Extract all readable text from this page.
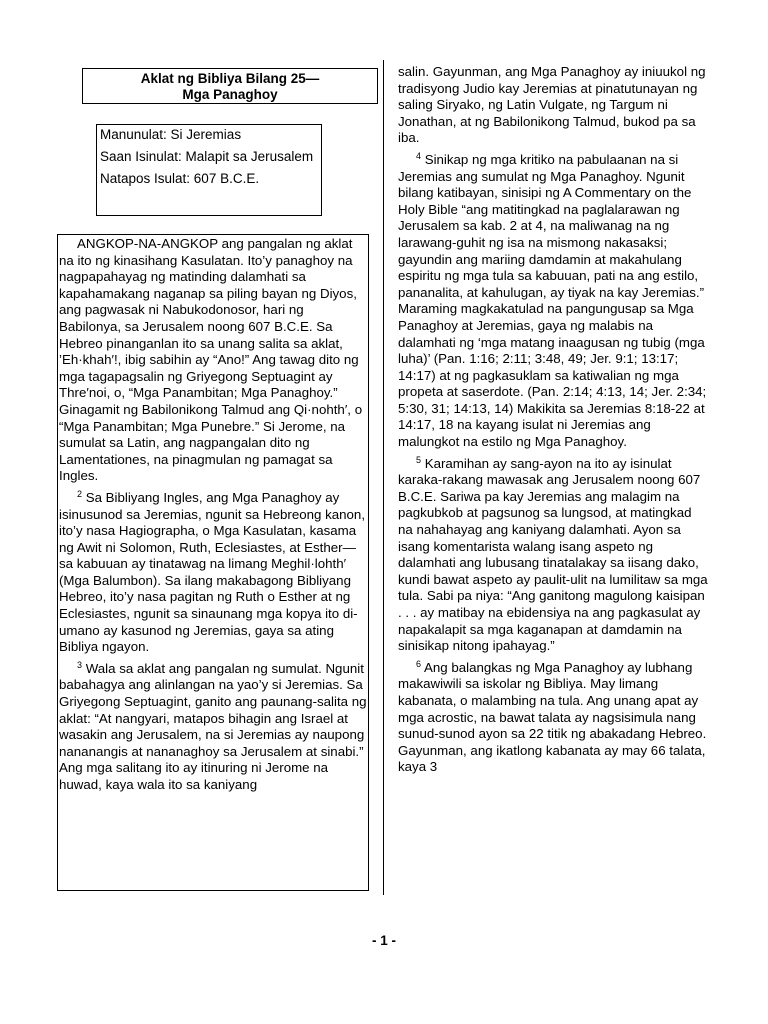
Aklat ng Bibliya Bilang 25—
Mga Panaghoy

Manunulat: Si Jeremias

Saan Isinulat: Malapit sa Jerusalem

Natapos Isulat: 607 B.C.E.

ANGKOP-NA-ANGKOP ang pangalan ng aklat na ito ng kinasihang Kasulatan. Ito’y panaghoy na nagpapahayag ng matinding dalamhati sa kapahamakang naganap sa piling bayan ng Diyos, ang pagwasak ni Nabukodonosor, hari ng Babilonya, sa Jerusalem noong 607 B.C.E. Sa Hebreo pinanganlan ito sa unang salita sa aklat, ’Eh·khah′!, ibig sabihin ay “Ano!” Ang tawag dito ng mga tagapagsalin ng Griyegong Septuagint ay Thre′noi, o, “Mga Panambitan; Mga Panaghoy.” Ginagamit ng Babilonikong Talmud ang Qi·nohth′, o “Mga Panambitan; Mga Punebre.” Si Jerome, na sumulat sa Latin, ang nagpangalan dito ng Lamentationes, na pinagmulan ng pamagat sa Ingles.

$^2$ Sa Bibliyang Ingles, ang Mga Panaghoy ay isinusunod sa Jeremias, ngunit sa Hebreong kanon, ito’y nasa Hagiographa, o Mga Kasulatan, kasama ng Awit ni Solomon, Ruth, Eclesiastes, at Esther—sa kabuuan ay tinatawag na limang Meghil·lohth′ (Mga Balumbon). Sa ilang makabagong Bibliyang Hebreo, ito’y nasa pagitan ng Ruth o Esther at ng Eclesiastes, ngunit sa sinaunang mga kopya ito di-umano ay kasunod ng Jeremias, gaya sa ating Bibliya ngayon.

$^3$ Wala sa aklat ang pangalan ng sumulat. Ngunit babahagya ang alinlangan na yao’y si Jeremias. Sa Griyegong Septuagint, ganito ang paunang-salita ng aklat: “At nangyari, matapos bihagin ang Israel at wasakin ang Jerusalem, na si Jeremias ay naupong nananangis at nananaghoy sa Jerusalem at sinabi.” Ang mga salitang ito ay itinuring ni Jerome na huwad, kaya wala ito sa kaniyang

salin. Gayunman, ang Mga Panaghoy ay iniuukol ng tradisyong Judio kay Jeremias at pinatutunayan ng saling Siryako, ng Latin Vulgate, ng Targum ni Jonathan, at ng Babilonikong Talmud, bukod pa sa iba.

$^4$ Sinikap ng mga kritiko na pabulaanan na si Jeremias ang sumulat ng Mga Panaghoy. Ngunit bilang katibayan, sinisipi ng A Commentary on the Holy Bible “ang matitingkad na paglalarawan ng Jerusalem sa kab. 2 at 4, na maliwanag na ng larawang-guhit ng isa na mismong nakasaksi; gayundin ang mariing damdamin at makahulang espiritu ng mga tula sa kabuuan, pati na ang estilo, pananalita, at kahulugan, ay tiyak na kay Jeremias.” Maraming magkakatulad na pangungusap sa Mga Panaghoy at Jeremias, gaya ng malabis na dalamhati ng ‘mga matang inaagusan ng tubig (mga luha)’ (Pan. 1:16; 2:11; 3:48, 49; Jer. 9:1; 13:17; 14:17) at ng pagkasuklam sa katiwalian ng mga propeta at saserdote. (Pan. 2:14; 4:13, 14; Jer. 2:34; 5:30, 31; 14:13, 14) Makikita sa Jeremias 8:18-22 at 14:17, 18 na kayang isulat ni Jeremias ang malungkot na estilo ng Mga Panaghoy.

$^5$ Karamihan ay sang-ayon na ito ay isinulat karaka-rakang mawasak ang Jerusalem noong 607 B.C.E. Sariwa pa kay Jeremias ang malagim na pagkubkob at pagsunog sa lungsod, at matingkad na nahahayag ang kaniyang dalamhati. Ayon sa isang komentarista walang isang aspeto ng dalamhati ang lubusang tinatalakay sa iisang dako, kundi bawat aspeto ay paulit-ulit na lumilitaw sa mga tula. Sabi pa niya: “Ang ganitong magulong kaisipan . . . ay matibay na ebidensiya na ang pagkasulat ay napakalapit sa mga kaganapan at damdamin na sinisikap nitong ipahayag.”

$^6$ Ang balangkas ng Mga Panaghoy ay lubhang makawiwili sa iskolar ng Bibliya. May limang kabanata, o malambing na tula. Ang unang apat ay mga acrostic, na bawat talata ay nagsisimula nang sunud-sunod ayon sa 22 titik ng abakadang Hebreo. Gayunman, ang ikatlong kabanata ay may 66 talata, kaya 3

- 1 -
